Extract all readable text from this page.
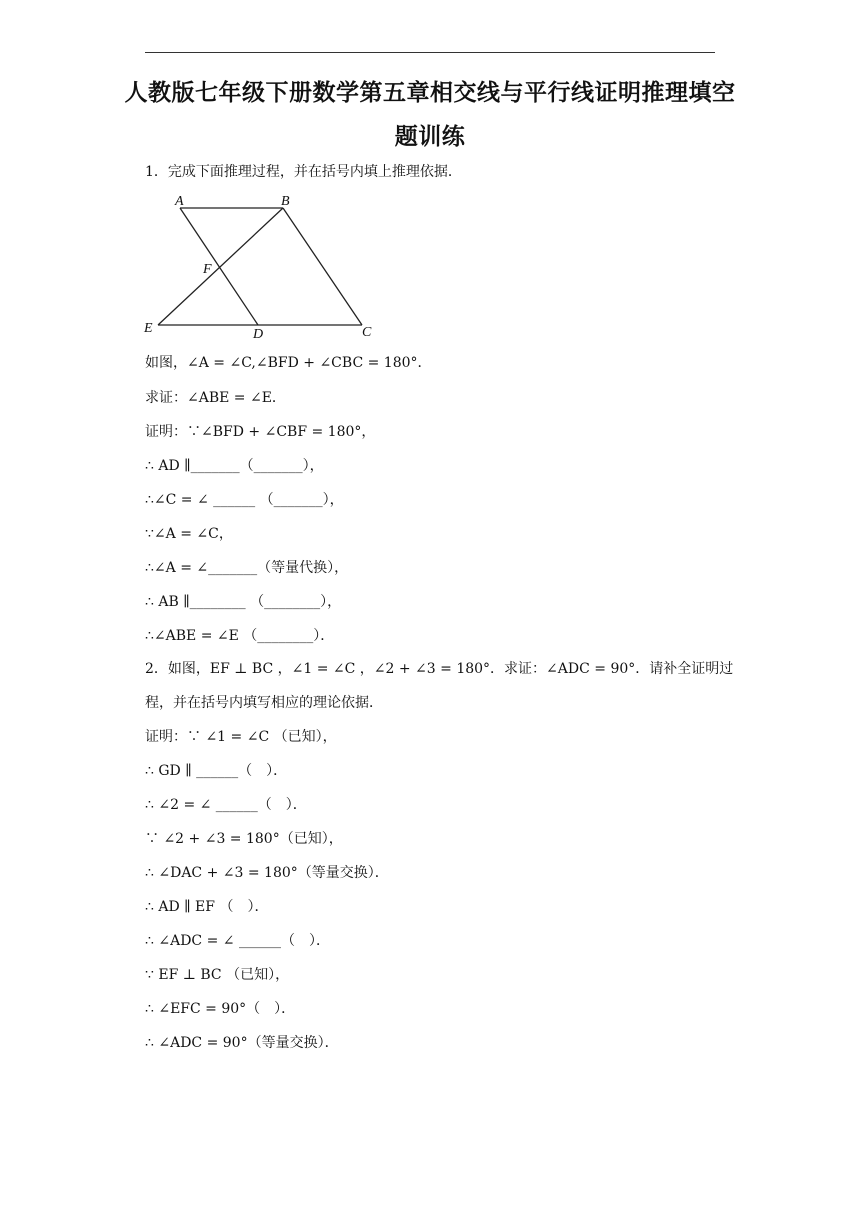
人教版七年级下册数学第五章相交线与平行线证明推理填空
题训练
1．完成下面推理过程，并在括号内填上推理依据．
A	B
F
E	D	C
如图，∠A = ∠C,∠BFD + ∠CBC = 180°．
求证：∠ABE = ∠E．
证明：∵∠BFD + ∠CBF = 180°，
∴ AD ∥_______（_______），
∴∠C = ∠ ______ （_______），
∵∠A = ∠C，
∴∠A = ∠_______（等量代换），
∴ AB ∥________ （________），
∴∠ABE = ∠E （________）．
2．如图，EF ⊥ BC ，∠1 = ∠C ，∠2 + ∠3 = 180°．求证：∠ADC = 90°．请补全证明过
程，并在括号内填写相应的理论依据．
证明：∵ ∠1 = ∠C （已知），
∴ GD ∥ ______（　）．
∴ ∠2 = ∠ ______（　）．
∵ ∠2 + ∠3 = 180°（已知），
∴ ∠DAC + ∠3 = 180°（等量交换）．
∴ AD ∥ EF （　）．
∴ ∠ADC = ∠ ______（　）．
∵ EF ⊥ BC （已知），
∴ ∠EFC = 90°（　）．
∴ ∠ADC = 90°（等量交换）．
